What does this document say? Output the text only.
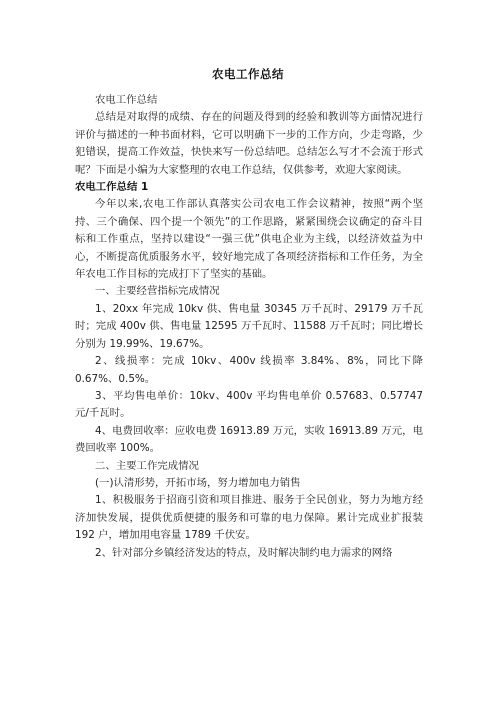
农电工作总结

农电工作总结

总结是对取得的成绩、存在的问题及得到的经验和教训等方面情况进行评价与描述的一种书面材料，它可以明确下一步的工作方向，少走弯路，少犯错误，提高工作效益，快快来写一份总结吧。总结怎么写才不会流于形式呢？下面是小编为大家整理的农电工作总结，仅供参考，欢迎大家阅读。

农电工作总结 1

今年以来,农电工作部认真落实公司农电工作会议精神，按照“两个坚持、三个确保、四个提一个领先”的工作思路，紧紧围绕会议确定的奋斗目标和工作重点，坚持以建设“一强三优”供电企业为主线，以经济效益为中心，不断提高优质服务水平，较好地完成了各项经济指标和工作任务，为全年农电工作目标的完成打下了坚实的基础。

一、主要经营指标完成情况

1、20xx 年完成 10kv 供、售电量 30345 万千瓦时、29179 万千瓦时；完成 400v 供、售电量 12595 万千瓦时、11588 万千瓦时；同比增长分别为 19.99%、19.67%。

2、线损率：完成 10kv、400v 线损率 3.84%、8%，同比下降 0.67%、0.5%。

3、平均售电单价：10kv、400v 平均售电单价 0.57683、0.57747 元/千瓦时。

4、电费回收率：应收电费 16913.89 万元，实收 16913.89 万元，电费回收率 100%。

二、主要工作完成情况

(一)认清形势，开拓市场，努力增加电力销售

1、积极服务于招商引资和项目推进、服务于全民创业，努力为地方经济加快发展，提供优质便捷的服务和可靠的电力保障。累计完成业扩报装 192 户，增加用电容量 1789 千伏安。

2、针对部分乡镇经济发达的特点，及时解决制约电力需求的网络
